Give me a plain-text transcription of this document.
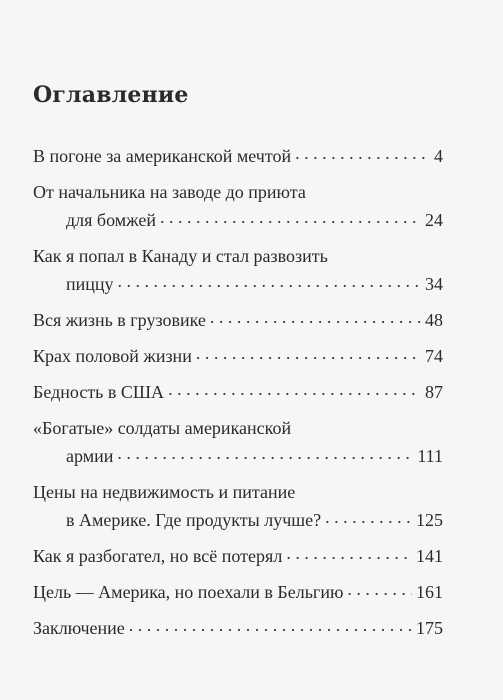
Оглавление
В погоне за американской мечтой . . .	4
От начальника на заводе до приюта
для бомжей . . .	24
Как я попал в Канаду и стал развозить
пиццу . . .	34
Вся жизнь в грузовике . . .	48
Крах половой жизни . . .	74
Бедность в США . . .	87
«Богатые» солдаты американской
армии . . .	111
Цены на недвижимость и питание
в Америке. Где продукты лучше? . . .	125
Как я разбогател, но всё потерял . . .	141
Цель — Америка, но поехали в Бельгию . . .	161
Заключение . . .	175
